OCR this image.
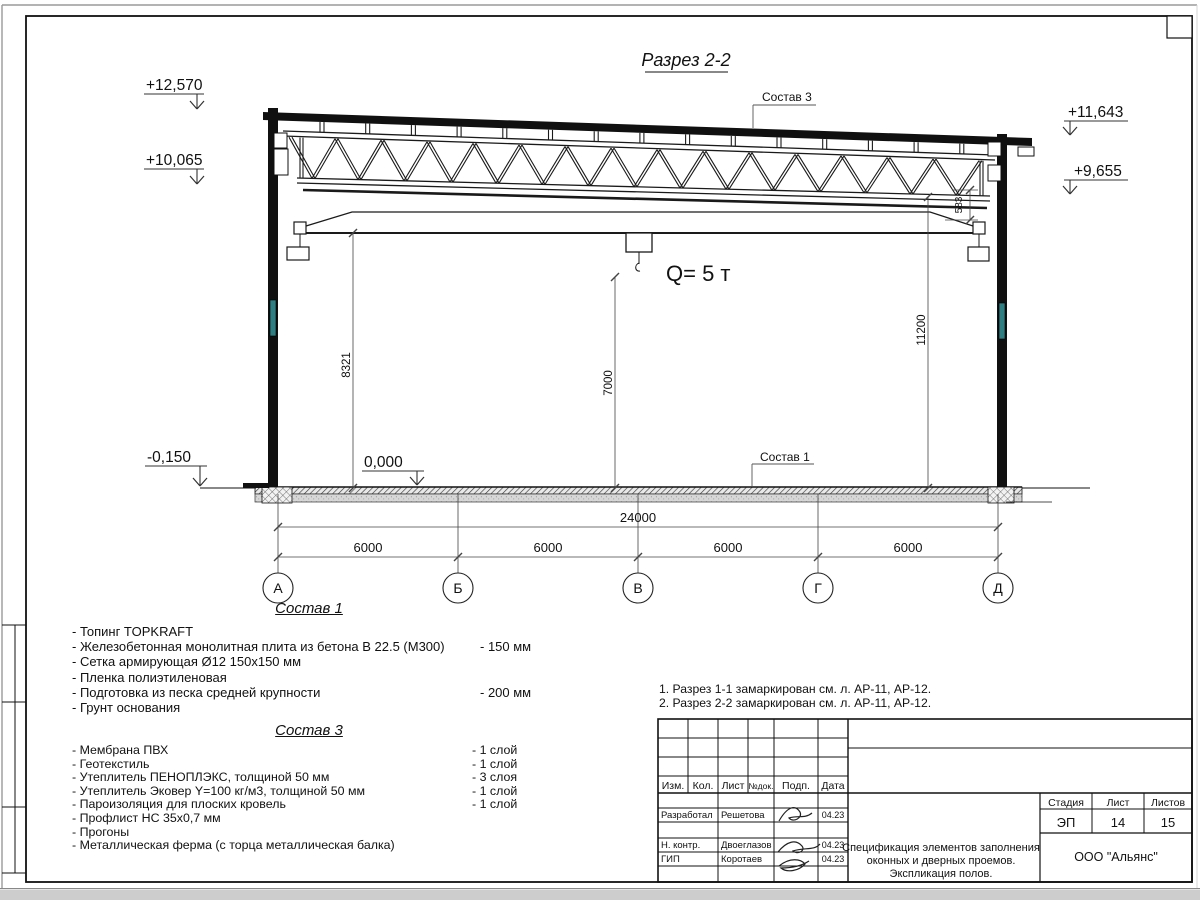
Разрез 2-2
Q= 5 т
Состав 3
Состав 1
+12,570
+10,065
-0,150	0,000
+11,643
+9,655
8321
7000
11200
583
24000
6000	6000	6000	6000
А	Б	В	Г	Д
Изм. Кол. Лист №док. Подп. Дата
Разработал Решетова	04.23
Н. контр. Двоеглазов	04.23
ГИП	Коротаев	04.23
Стадия Лист Листов
ЭП	14	15
Спецификация элементов заполнения
оконных и дверных проемов.
Экспликация полов.
ООО "Альянс"
Состав 1
- Топинг TOPKRAFT
- Железобетонная монолитная плита из бетона В 22.5 (М300)	- 150 мм
- Сетка армирующая Ø12 150x150 мм
- Пленка полиэтиленовая
- Подготовка из песка средней крупности	- 200 мм
- Грунт основания
Состав 3
- Мембрана ПВХ	- 1 слой
- Геотекстиль	- 1 слой
- Утеплитель ПЕНОПЛЭКС, толщиной 50 мм	- 3 слоя
- Утеплитель Эковер Y=100 кг/м3, толщиной 50 мм	- 1 слой
- Пароизоляция для плоских кровель	- 1 слой
- Профлист НС 35x0,7 мм
- Прогоны
- Металлическая ферма (с торца металлическая балка)
1. Разрез 1-1 замаркирован см. л. АР-11, АР-12.
2. Разрез 2-2 замаркирован см. л. АР-11, АР-12.
